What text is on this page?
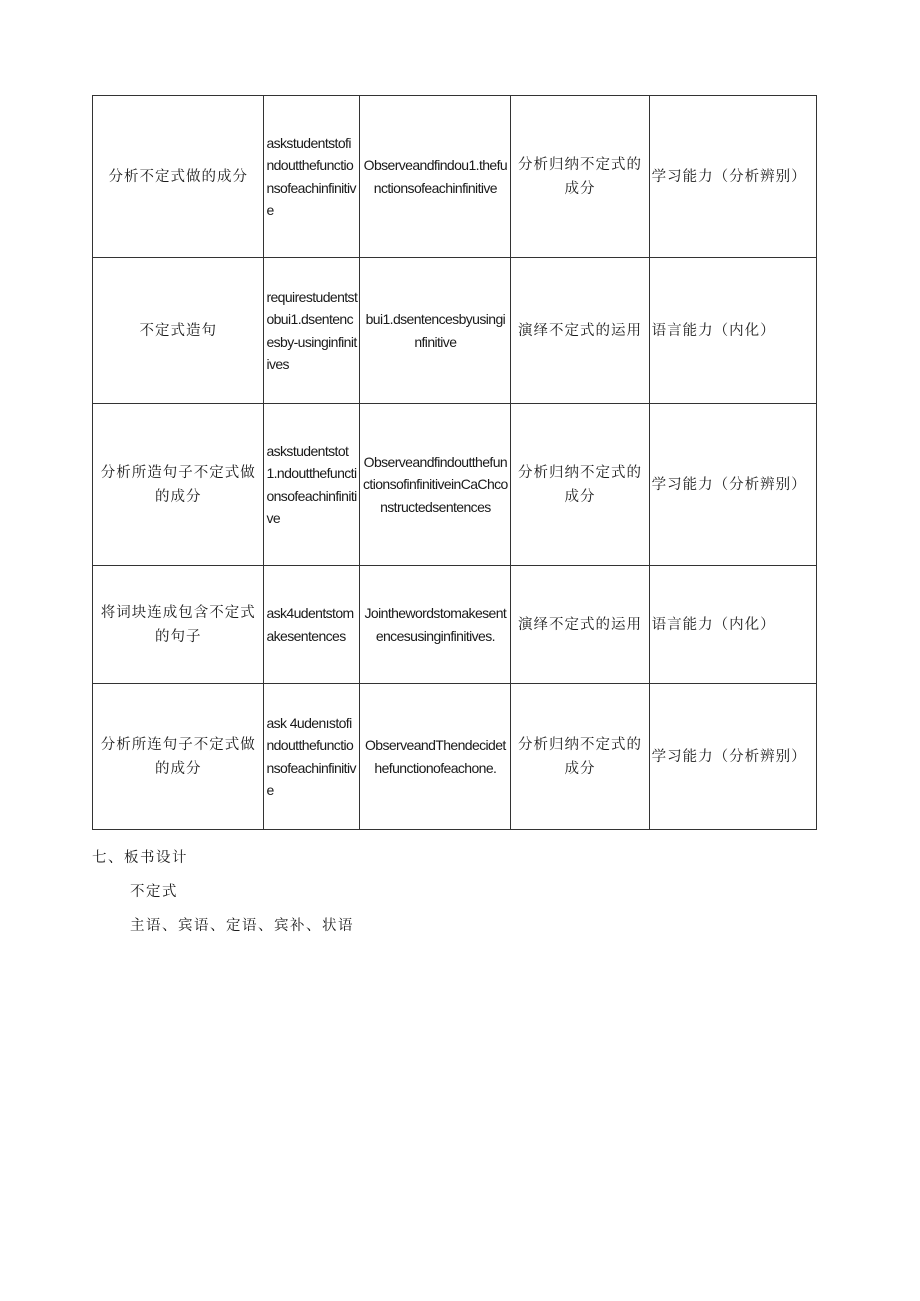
分析不定式做的成分	askstudentstofindoutthefunctionsofeachinfinitive	Observeandfindou1.thefunctionsofeachinfinitive	分析归纳不定式的成分	学习能力（分析辨别）
不定式造句	requirestudentstobui1.dsentencesby-usinginfinitives	bui1.dsentencesbyusinginfinitive	演绎不定式的运用	语言能力（内化）
分析所造句子不定式做的成分	askstudentstot1.ndoutthefunctionsofeachinfinitive	ObserveandfindoutthefunctionsofinfinitiveinCaChconstructedsentences	分析归纳不定式的成分	学习能力（分析辨别）
将词块连成包含不定式的句子	ask4udentstomakesentences	Jointhewordstomakesentencesusinginfinitives.	演绎不定式的运用	语言能力（内化）
分析所连句子不定式做的成分	ask 4udenıstofindoutthefunctionsofeachinfinitive	ObserveandThendecidethefunctionofeachone.	分析归纳不定式的成分	学习能力（分析辨别）
七、板书设计
不定式
主语、宾语、定语、宾补、状语
